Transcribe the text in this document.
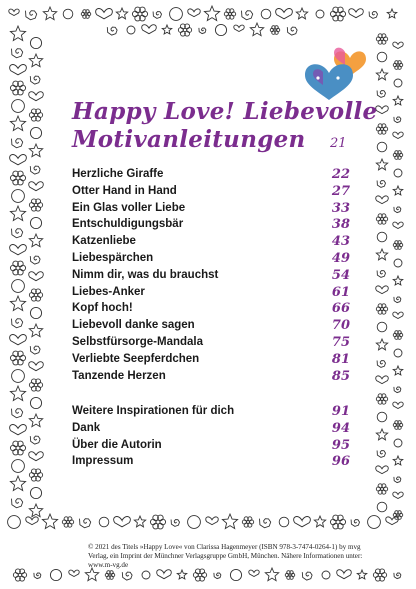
Happy Love! Liebevolle
Motivanleitungen 21
Herzliche Giraffe	22
Otter Hand in Hand	27
Ein Glas voller Liebe	33
Entschuldigungsbär	38
Katzenliebe	43
Liebespärchen	49
Nimm dir, was du brauchst	54
Liebes-Anker	61
Kopf hoch!	66
Liebevoll danke sagen	70
Selbstfürsorge-Mandala	75
Verliebte Seepferdchen	81
Tanzende Herzen	85
Weitere Inspirationen für dich	91
Dank	94
Über die Autorin	95
Impressum	96
© 2021 des Titels »Happy Love« von Clarissa Hagenmeyer (ISBN 978-3-7474-0264-1) by mvg Verlag, ein Imprint der Münchner Verlagsgruppe GmbH, München. Nähere Informationen unter: www.m-vg.de
